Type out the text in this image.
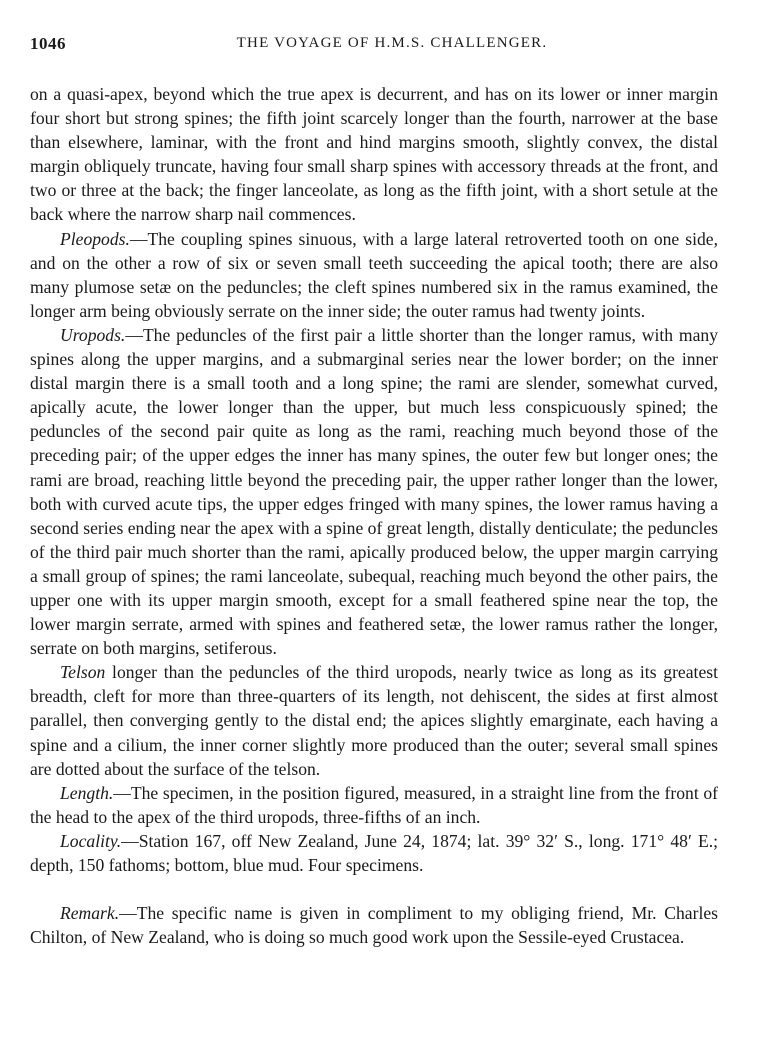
1046	THE VOYAGE OF H.M.S. CHALLENGER.

on a quasi-apex, beyond which the true apex is decurrent, and has on its lower or inner margin four short but strong spines; the fifth joint scarcely longer than the fourth, narrower at the base than elsewhere, laminar, with the front and hind margins smooth, slightly convex, the distal margin obliquely truncate, having four small sharp spines with accessory threads at the front, and two or three at the back; the finger lanceolate, as long as the fifth joint, with a short setule at the back where the narrow sharp nail commences.

Pleopods.—The coupling spines sinuous, with a large lateral retroverted tooth on one side, and on the other a row of six or seven small teeth succeeding the apical tooth; there are also many plumose setæ on the peduncles; the cleft spines numbered six in the ramus examined, the longer arm being obviously serrate on the inner side; the outer ramus had twenty joints.

Uropods.—The peduncles of the first pair a little shorter than the longer ramus, with many spines along the upper margins, and a submarginal series near the lower border; on the inner distal margin there is a small tooth and a long spine; the rami are slender, somewhat curved, apically acute, the lower longer than the upper, but much less conspicuously spined; the peduncles of the second pair quite as long as the rami, reaching much beyond those of the preceding pair; of the upper edges the inner has many spines, the outer few but longer ones; the rami are broad, reaching little beyond the preceding pair, the upper rather longer than the lower, both with curved acute tips, the upper edges fringed with many spines, the lower ramus having a second series ending near the apex with a spine of great length, distally denticulate; the peduncles of the third pair much shorter than the rami, apically produced below, the upper margin carrying a small group of spines; the rami lanceolate, subequal, reaching much beyond the other pairs, the upper one with its upper margin smooth, except for a small feathered spine near the top, the lower margin serrate, armed with spines and feathered setæ, the lower ramus rather the longer, serrate on both margins, setiferous.

Telson longer than the peduncles of the third uropods, nearly twice as long as its greatest breadth, cleft for more than three-quarters of its length, not dehiscent, the sides at first almost parallel, then converging gently to the distal end; the apices slightly emarginate, each having a spine and a cilium, the inner corner slightly more produced than the outer; several small spines are dotted about the surface of the telson.

Length.—The specimen, in the position figured, measured, in a straight line from the front of the head to the apex of the third uropods, three-fifths of an inch.

Locality.—Station 167, off New Zealand, June 24, 1874; lat. 39° 32′ S., long. 171° 48′ E.; depth, 150 fathoms; bottom, blue mud. Four specimens.

Remark.—The specific name is given in compliment to my obliging friend, Mr. Charles Chilton, of New Zealand, who is doing so much good work upon the Sessile-eyed Crustacea.
